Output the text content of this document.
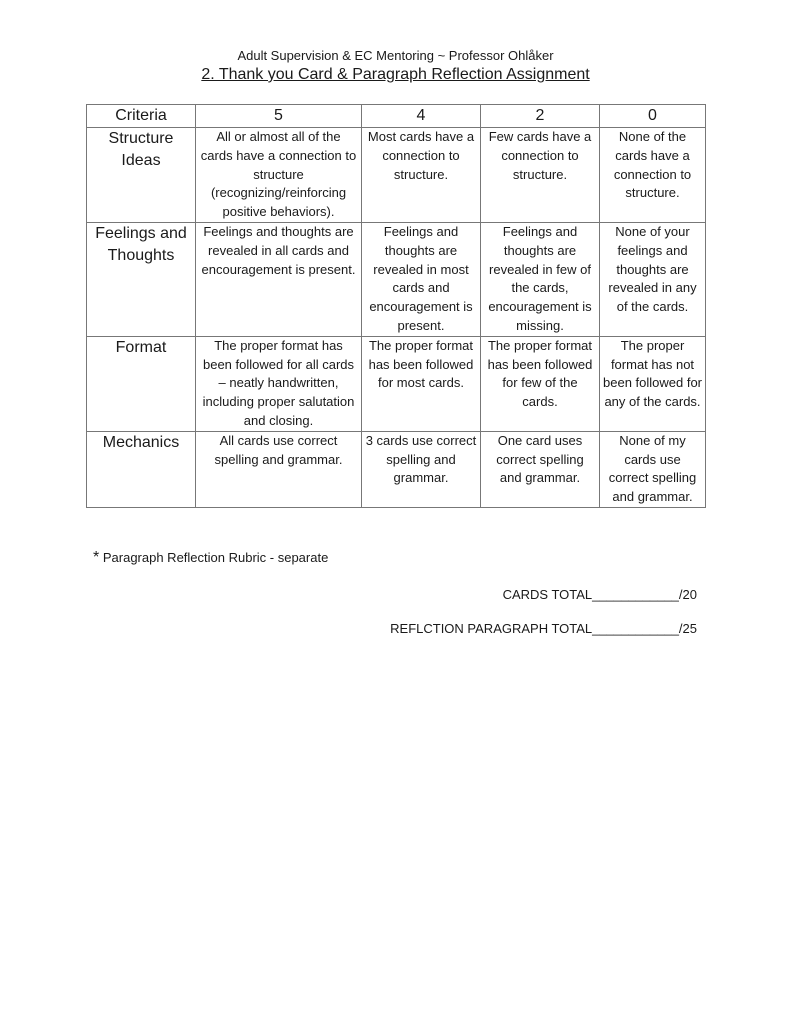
Adult Supervision & EC Mentoring ~ Professor Ohlåker
2. Thank you Card & Paragraph Reflection Assignment
Criteria	5	4	2	0
Structure Ideas	All or almost all of the cards have a connection to structure (recognizing/reinforcing positive behaviors).	Most cards have a connection to structure.	Few cards have a connection to structure.	None of the cards have a connection to structure.
Feelings and Thoughts	Feelings and thoughts are revealed in all cards and encouragement is present.	Feelings and thoughts are revealed in most cards and encouragement is present.	Feelings and thoughts are revealed in few of the cards, encouragement is missing.	None of your feelings and thoughts are revealed in any of the cards.
Format	The proper format has been followed for all cards – neatly handwritten, including proper salutation and closing.	The proper format has been followed for most cards.	The proper format has been followed for few of the cards.	The proper format has not been followed for any of the cards.
Mechanics	All cards use correct spelling and grammar.	3 cards use correct spelling and grammar.	One card uses correct spelling and grammar.	None of my cards use correct spelling and grammar.
* Paragraph Reflection Rubric - separate
CARDS TOTAL____________/20
REFLCTION PARAGRAPH TOTAL____________/25
